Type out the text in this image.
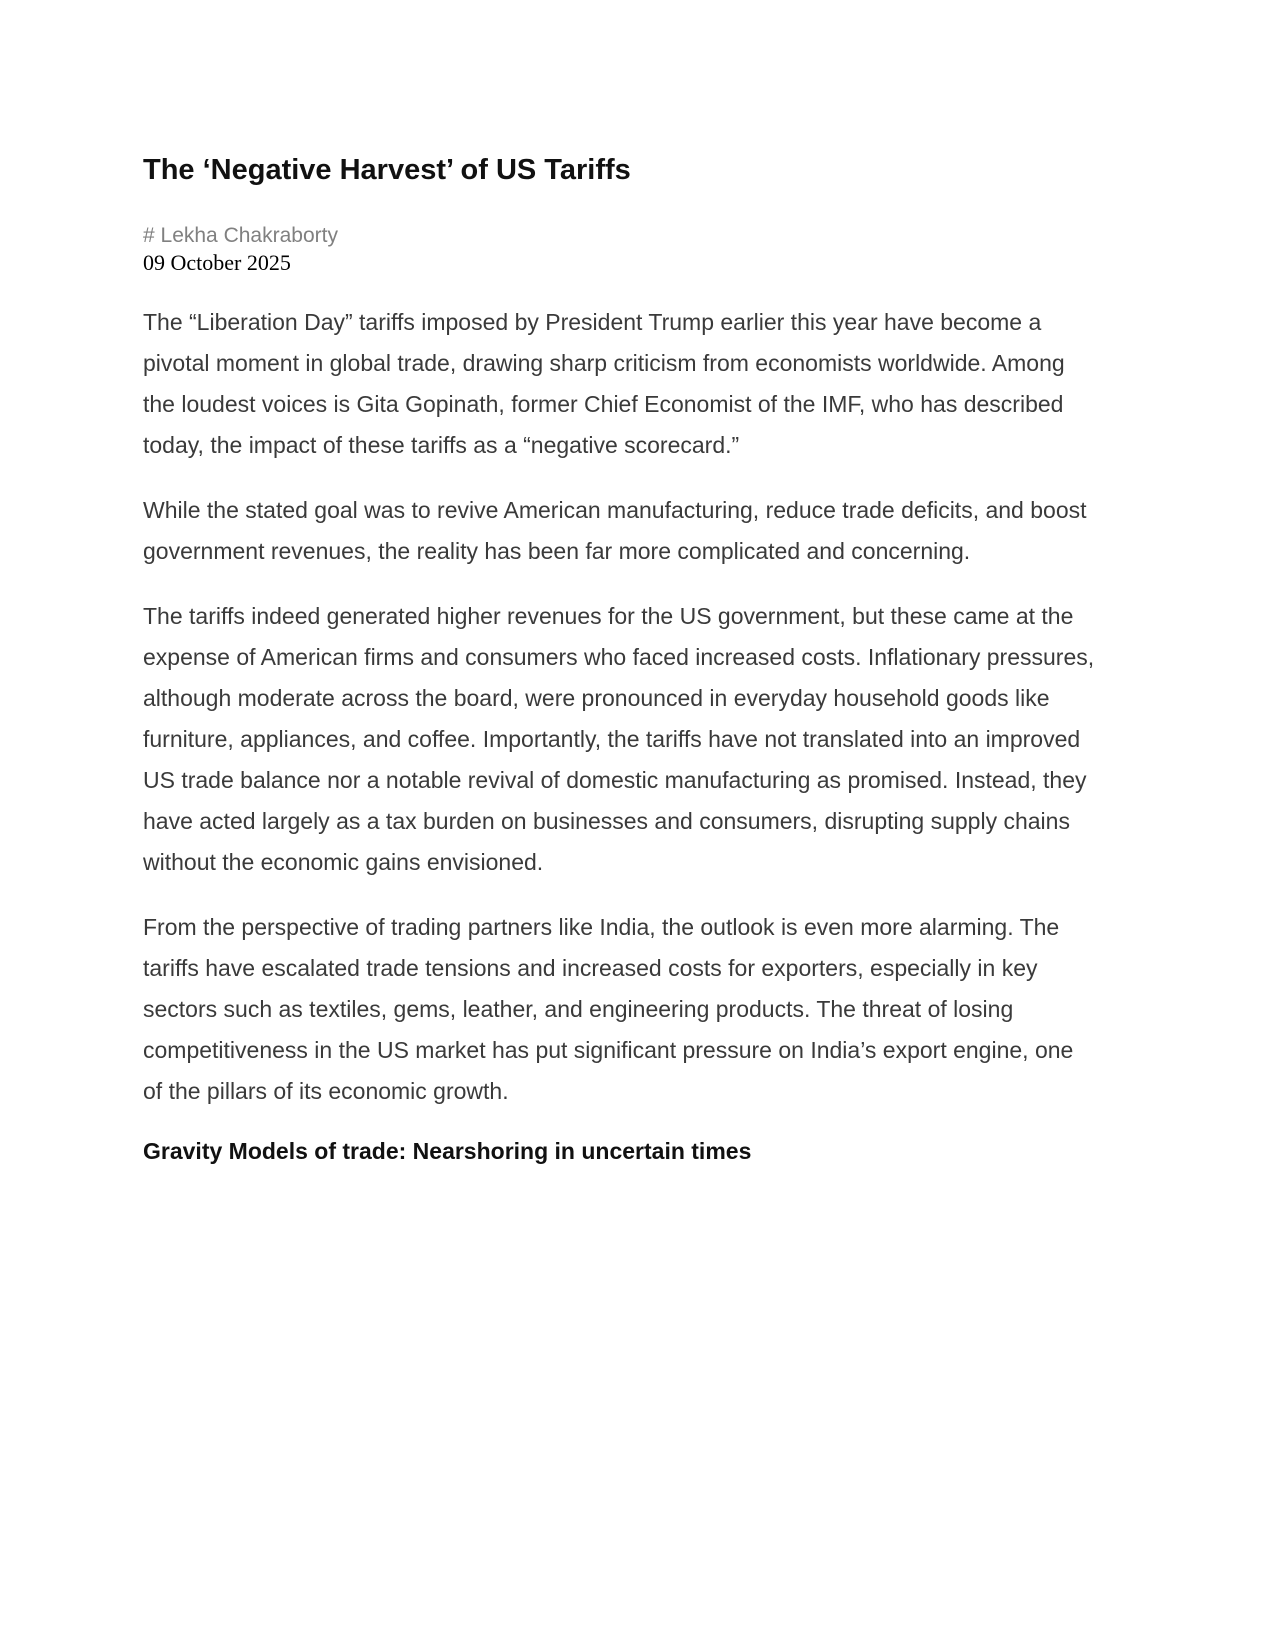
The ‘Negative Harvest’ of US Tariffs

# Lekha Chakraborty

09 October 2025

The “Liberation Day” tariffs imposed by President Trump earlier this year have become a pivotal moment in global trade, drawing sharp criticism from economists worldwide. Among the loudest voices is Gita Gopinath, former Chief Economist of the IMF, who has described today, the impact of these tariffs as a “negative scorecard.”

While the stated goal was to revive American manufacturing, reduce trade deficits, and boost government revenues, the reality has been far more complicated and concerning.

The tariffs indeed generated higher revenues for the US government, but these came at the expense of American firms and consumers who faced increased costs. Inflationary pressures, although moderate across the board, were pronounced in everyday household goods like furniture, appliances, and coffee. Importantly, the tariffs have not translated into an improved US trade balance nor a notable revival of domestic manufacturing as promised. Instead, they have acted largely as a tax burden on businesses and consumers, disrupting supply chains without the economic gains envisioned.

From the perspective of trading partners like India, the outlook is even more alarming. The tariffs have escalated trade tensions and increased costs for exporters, especially in key sectors such as textiles, gems, leather, and engineering products. The threat of losing competitiveness in the US market has put significant pressure on India’s export engine, one of the pillars of its economic growth.

Gravity Models of trade: Nearshoring in uncertain times
